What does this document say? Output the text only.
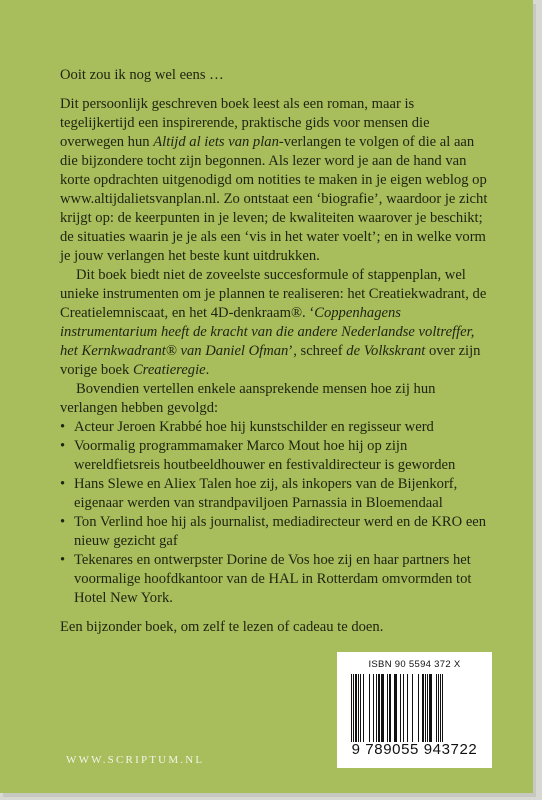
Ooit zou ik nog wel eens …

Dit persoonlijk geschreven boek leest als een roman, maar is tegelijkertijd een inspirerende, praktische gids voor mensen die overwegen hun Altijd al iets van plan-verlangen te volgen of die al aan die bijzondere tocht zijn begonnen. Als lezer word je aan de hand van korte opdrachten uitgenodigd om notities te maken in je eigen weblog op www.altijdalietsvanplan.nl. Zo ontstaat een ‘biografie’, waardoor je zicht krijgt op: de keerpunten in je leven; de kwaliteiten waarover je beschikt; de situaties waarin je je als een ‘vis in het water voelt’; en in welke vorm je jouw verlangen het beste kunt uitdrukken.

Dit boek biedt niet de zoveelste succesformule of stappenplan, wel unieke instrumenten om je plannen te realiseren: het Creatiekwadrant, de Creatielemniscaat, en het 4D-denkraam®. ‘Coppenhagens instrumentarium heeft de kracht van die andere Nederlandse voltreffer, het Kernkwadrant® van Daniel Ofman’, schreef de Volkskrant over zijn vorige boek Creatieregie.

Bovendien vertellen enkele aansprekende mensen hoe zij hun verlangen hebben gevolgd:

• Acteur Jeroen Krabbé hoe hij kunstschilder en regisseur werd
• Voormalig programmamaker Marco Mout hoe hij op zijn wereldfietsreis houtbeeldhouwer en festivaldirecteur is geworden
• Hans Slewe en Aliex Talen hoe zij, als inkopers van de Bijenkorf, eigenaar werden van strandpaviljoen Parnassia in Bloemendaal
• Ton Verlind hoe hij als journalist, mediadirecteur werd en de KRO een nieuw gezicht gaf
• Tekenares en ontwerpster Dorine de Vos hoe zij en haar partners het voormalige hoofdkantoor van de HAL in Rotterdam omvormden tot Hotel New York.

Een bijzonder boek, om zelf te lezen of cadeau te doen.

ISBN 90 5594 372 X
9 789055 943722
WWW.SCRIPTUM.NL
